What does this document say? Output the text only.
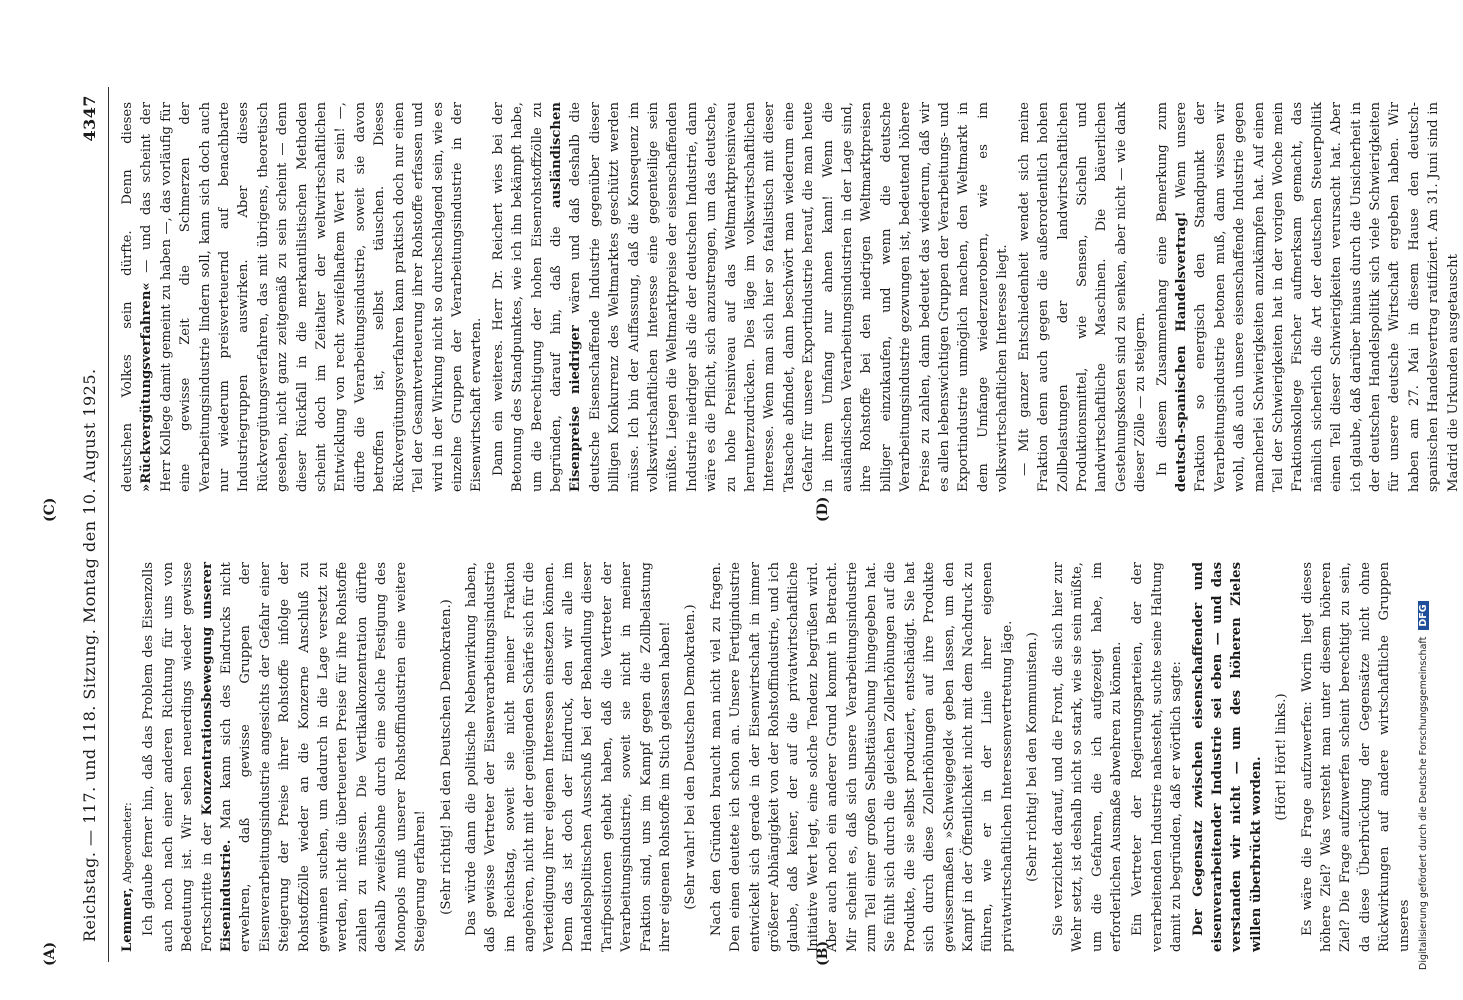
Reichstag. — 117. und 118. Sitzung. Montag den 10. August 1925.
4347
(A)
(C)
(B)
(D)

Lemmer, Abgeordneter: Ich glaube ferner hin, daß das Problem des Eisenzolls auch noch nach einer anderen Richtung für uns von Bedeutung ist. Wir sehen neuerdings wieder gewisse Fortschritte in der Konzentrationsbewegung unserer Eisenindustrie. Man kann sich des Eindrucks nicht erwehren, daß gewisse Gruppen der Eisenverarbeitungsindustrie angesichts der Gefahr einer Steigerung der Preise ihrer Rohstoffe infolge der Rohstoffzölle wieder an die Konzerne Anschluß zu gewinnen suchen, um dadurch in die Lage versetzt zu werden, nicht die überteuerten Preise für ihre Rohstoffe zahlen zu müssen. Die Vertikalkonzentration dürfte deshalb zweifelsohne durch eine solche Festigung des Monopols muß unserer Rohstoffindustrien eine weitere Steigerung erfahren! (Sehr richtig! bei den Deutschen Demokraten.) Das würde dann die politische Nebenwirkung haben, daß gewisse Vertreter der Eisenverarbeitungsindustrie im Reichstag, soweit sie nicht meiner Fraktion angehören, nicht mit der genügenden Schärfe sich für die Verteidigung ihrer eigenen Interessen einsetzen können. Denn das ist doch der Eindruck, den wir alle im Handelspolitischen Ausschuß bei der Behandlung dieser Tarifpositionen gehabt haben, daß die Vertreter der Verarbeitungsindustrie, soweit sie nicht in meiner Fraktion sind, uns im Kampf gegen die Zollbelastung ihrer eigenen Rohstoffe im Stich gelassen haben! (Sehr wahr! bei den Deutschen Demokraten.) Nach den Gründen braucht man nicht viel zu fragen. Den einen deutete ich schon an. Unsere Fertigindustrie entwickelt sich gerade in der Eisenwirtschaft in immer größerer Abhängigkeit von der Rohstoffindustrie, und ich glaube, daß keiner, der auf die privatwirtschaftliche Initiative Wert legt, eine solche Tendenz begrüßen wird. Aber auch noch ein anderer Grund kommt in Betracht. Mir scheint es, daß sich unsere Verarbeitungsindustrie zum Teil einer großen Selbsttäuschung hingegeben hat. Sie fühlt sich durch die gleichen Zollerhöhungen auf die Produkte, die sie selbst produziert, entschädigt. Sie hat sich durch diese Zollerhöhungen auf ihre Produkte gewissermaßen »Schweigegeld« geben lassen, um den Kampf in der Öffentlichkeit nicht mit dem Nachdruck zu führen, wie er in der Linie ihrer eigenen privatwirtschaftlichen Interessenvertretung läge. (Sehr richtig! bei den Kommunisten.) Sie verzichtet darauf, und die Front, die sich hier zur Wehr setzt, ist deshalb nicht so stark, wie sie sein müßte, um die Gefahren, die ich aufgezeigt habe, im erforderlichen Ausmaße abwehren zu können. Ein Vertreter der Regierungsparteien, der der verarbeitenden Industrie nahesteht, suchte seine Haltung damit zu begründen, daß er wörtlich sagte: Der Gegensatz zwischen eisenschaffender und eisenverarbeitender Industrie sei eben — und das verstanden wir nicht — um des höheren Zieles willen überbrückt worden. (Hört! Hört! links.) Es wäre die Frage aufzuwerfen: Worin liegt dieses höhere Ziel? Was versteht man unter diesem höheren Ziel? Die Frage aufzuwerfen scheint berechtigt zu sein, da diese Überbrückung der Gegensätze nicht ohne Rückwirkungen auf andere wirtschaftliche Gruppen unseres

deutschen Volkes sein dürfte. Denn dieses »Rückvergütungsverfahren« — und das scheint der Herr Kollege damit gemeint zu haben —, das vorläufig für eine gewisse Zeit die Schmerzen der Verarbeitungsindustrie lindern soll, kann sich doch auch nur wiederum preisverteuernd auf benachbarte Industriegruppen auswirken. Aber dieses Rückvergütungsverfahren, das mit übrigens, theoretisch gesehen, nicht ganz zeitgemäß zu sein scheint — denn dieser Rückfall in die merkantilistischen Methoden scheint doch im Zeitalter der weltwirtschaftlichen Entwicklung von recht zweifelhaftem Wert zu sein! —, dürfte die Verarbeitungsindustrie, soweit sie davon betroffen ist, selbst täuschen. Dieses Rückvergütungsverfahren kann praktisch doch nur einen Teil der Gesamtverteuerung ihrer Rohstoffe erfassen und wird in der Wirkung nicht so durchschlagend sein, wie es einzelne Gruppen der Verarbeitungsindustrie in der Eisenwirtschaft erwarten. Dann ein weiteres. Herr Dr. Reichert wies bei der Betonung des Standpunktes, wie ich ihn bekämpft habe, um die Berechtigung der hohen Eisenrohstoffzölle zu begründen, darauf hin, daß die ausländischen Eisenpreise niedriger wären und daß deshalb die deutsche Eisenschaffende Industrie gegenüber dieser billigen Konkurrenz des Weltmarktes geschützt werden müsse. Ich bin der Auffassung, daß die Konsequenz im volkswirtschaftlichen Interesse eine gegenteilige sein müßte. Liegen die Weltmarktpreise der eisenschaffenden Industrie niedriger als die der deutschen Industrie, dann wäre es die Pflicht, sich anzustrengen, um das deutsche, zu hohe Preisniveau auf das Weltmarktpreisniveau herunterzudrücken. Dies läge im volkswirtschaftlichen Interesse. Wenn man sich hier so fatalistisch mit dieser Tatsache abfindet, dann beschwört man wiederum eine Gefahr für unsere Exportindustrie herauf, die man heute in ihrem Umfang nur ahnen kann! Wenn die ausländischen Verarbeitungsindustrien in der Lage sind, ihre Rohstoffe bei den niedrigen Weltmarktpreisen billiger einzukaufen, und wenn die deutsche Verarbeitungsindustrie gezwungen ist, bedeutend höhere Preise zu zahlen, dann bedeutet das wiederum, daß wir es allen lebenswichtigen Gruppen der Verarbeitungs- und Exportindustrie unmöglich machen, den Weltmarkt in dem Umfange wiederzuerobern, wie es im volkswirtschaftlichen Interesse liegt. — Mit ganzer Entschiedenheit wendet sich meine Fraktion denn auch gegen die außerordentlich hohen Zollbelastungen der landwirtschaftlichen Produktionsmittel, wie Sensen, Sicheln und landwirtschaftliche Maschinen. Die bäuerlichen Gestehungskosten sind zu senken, aber nicht — wie dank dieser Zölle — zu steigern. In diesem Zusammenhang eine Bemerkung zum deutsch-spanischen Handelsvertrag! Wenn unsere Fraktion so energisch den Standpunkt der Verarbeitungsindustrie betonen muß, dann wissen wir wohl, daß auch unsere eisenschaffende Industrie gegen mancherlei Schwierigkeiten anzukämpfen hat. Auf einen Teil der Schwierigkeiten hat in der vorigen Woche mein Fraktionskollege Fischer aufmerksam gemacht, das nämlich sicherlich die Art der deutschen Steuerpolitik einen Teil dieser Schwierigkeiten verursacht hat. Aber ich glaube, daß darüber hinaus durch die Unsicherheit in der deutschen Handelspolitik sich viele Schwierigkeiten für unsere deutsche Wirtschaft ergeben haben. Wir haben am 27. Mai in diesem Hause den deutsch-spanischen Handelsvertrag ratifiziert. Am 31. Juni sind in Madrid die Urkunden ausgetauscht

Digitalisierung gefördert durch die Deutsche Forschungsgemeinschaft DFG
